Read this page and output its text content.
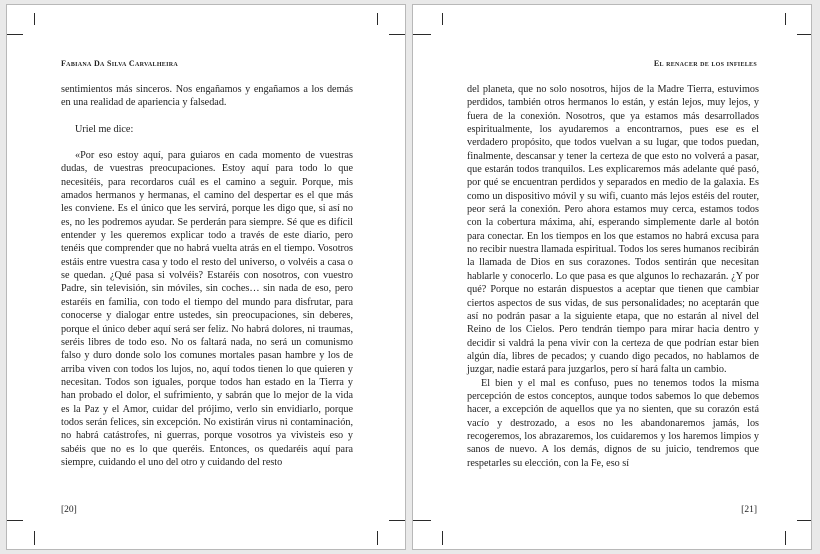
Fabiana Da Silva Carvalheira

sentimientos más sinceros. Nos engañamos y engañamos a los demás en una realidad de apariencia y falsedad.

Uriel me dice:

«Por eso estoy aquí, para guiaros en cada momento de vuestras dudas, de vuestras preocupaciones. Estoy aquí para todo lo que necesitéis, para recordaros cuál es el camino a seguir. Porque, mis amados hermanos y hermanas, el camino del despertar es el que más les conviene. Es el único que les servirá, porque les digo que, si así no es, no les podremos ayudar. Se perderán para siempre. Sé que es difícil entender y les queremos explicar todo a través de este diario, pero tenéis que comprender que no habrá vuelta atrás en el tiempo. Vosotros estáis entre vuestra casa y todo el resto del universo, o volvéis a casa o se quedan. ¿Qué pasa si volvéis? Estaréis con nosotros, con vuestro Padre, sin televisión, sin móviles, sin coches… sin nada de eso, pero estaréis en familia, con todo el tiempo del mundo para disfrutar, para conocerse y dialogar entre ustedes, sin preocupaciones, sin deberes, porque el único deber aquí será ser feliz. No habrá dolores, ni traumas, seréis libres de todo eso. No os faltará nada, no será un comunismo falso y duro donde solo los comunes mortales pasan hambre y los de arriba viven con todos los lujos, no, aquí todos tienen lo que quieren y necesitan. Todos son iguales, porque todos han estado en la Tierra y han probado el dolor, el sufrimiento, y sabrán que lo mejor de la vida es la Paz y el Amor, cuidar del prójimo, verlo sin envidiarlo, porque todos serán felices, sin excepción. No existirán virus ni contaminación, no habrá catástrofes, ni guerras, porque vosotros ya vivisteis eso y sabéis que no es lo que queréis. Entonces, os quedaréis aquí para siempre, cuidando el uno del otro y cuidando del resto

[20]
El renacer de los infieles

del planeta, que no solo nosotros, hijos de la Madre Tierra, estuvimos perdidos, también otros hermanos lo están, y están lejos, muy lejos, y fuera de la conexión. Nosotros, que ya estamos más desarrollados espiritualmente, los ayudaremos a encontrarnos, pues ese es el verdadero propósito, que todos vuelvan a su lugar, que todos puedan, finalmente, descansar y tener la certeza de que esto no volverá a pasar, que estarán todos tranquilos. Les explicaremos más adelante qué pasó, por qué se encuentran perdidos y separados en medio de la galaxia. Es como un dispositivo móvil y su wifi, cuanto más lejos estéis del router, peor será la conexión. Pero ahora estamos muy cerca, estamos todos con la cobertura máxima, ahí, esperando simplemente darle al botón para conectar. En los tiempos en los que estamos no habrá excusa para no recibir nuestra llamada espiritual. Todos los seres humanos recibirán la llamada de Dios en sus corazones. Todos sentirán que necesitan hablarle y conocerlo. Lo que pasa es que algunos lo rechazarán. ¿Y por qué? Porque no estarán dispuestos a aceptar que tienen que cambiar ciertos aspectos de sus vidas, de sus personalidades; no aceptarán que así no podrán pasar a la siguiente etapa, que no estarán al nivel del Reino de los Cielos. Pero tendrán tiempo para mirar hacia dentro y decidir si valdrá la pena vivir con la certeza de que podrían estar bien algún día, libres de pecados; y cuando digo pecados, no hablamos de juzgar, nadie estará para juzgarlos, pero sí hará falta un cambio.

El bien y el mal es confuso, pues no tenemos todos la misma percepción de estos conceptos, aunque todos sabemos lo que debemos hacer, a excepción de aquellos que ya no sienten, que su corazón está vacío y destrozado, a esos no les abandonaremos jamás, los recogeremos, los abrazaremos, los cuidaremos y los haremos limpios y sanos de nuevo. A los demás, dignos de su juicio, tendremos que respetarles su elección, con la Fe, eso sí

[21]
